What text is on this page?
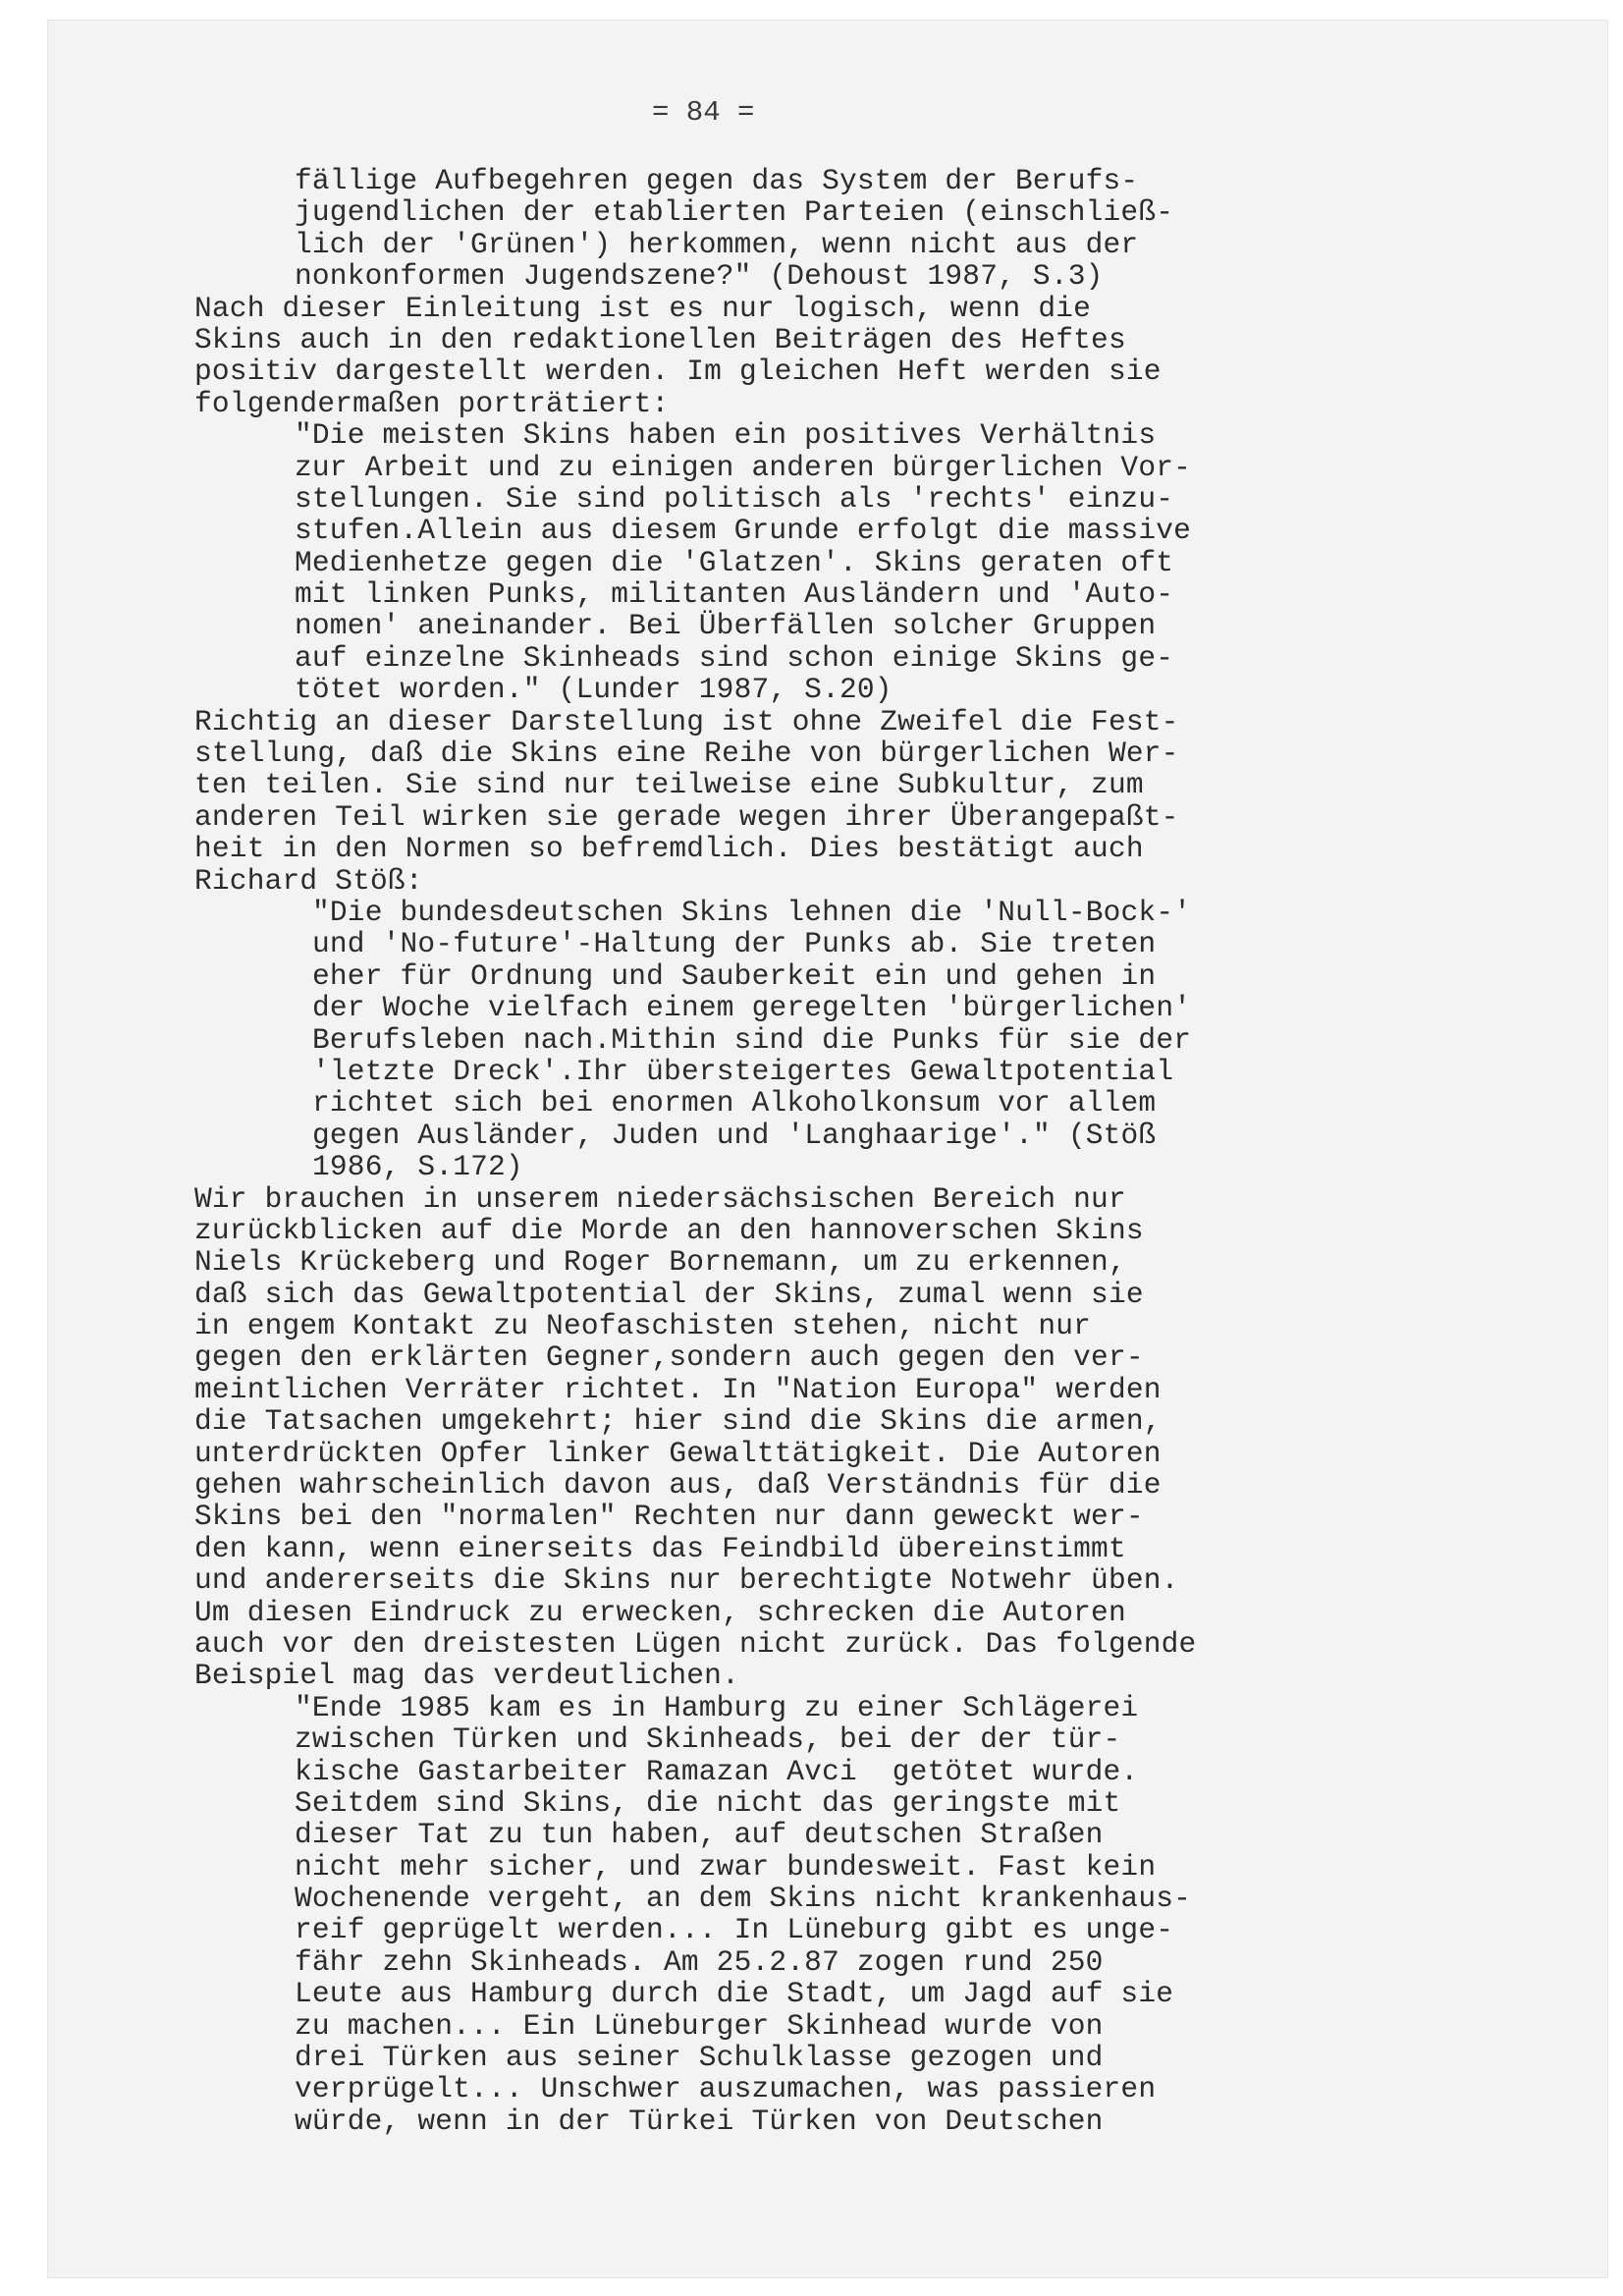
= 84 =
fällige Aufbegehren gegen das System der Berufs-
jugendlichen der etablierten Parteien (einschließ-
lich der 'Grünen') herkommen, wenn nicht aus der
nonkonformen Jugendszene?" (Dehoust 1987, S.3)
Nach dieser Einleitung ist es nur logisch, wenn die
Skins auch in den redaktionellen Beiträgen des Heftes
positiv dargestellt werden. Im gleichen Heft werden sie
folgendermaßen porträtiert:
"Die meisten Skins haben ein positives Verhältnis
zur Arbeit und zu einigen anderen bürgerlichen Vor-
stellungen. Sie sind politisch als 'rechts' einzu-
stufen.Allein aus diesem Grunde erfolgt die massive
Medienhetze gegen die 'Glatzen'. Skins geraten oft
mit linken Punks, militanten Ausländern und 'Auto-
nomen' aneinander. Bei Überfällen solcher Gruppen
auf einzelne Skinheads sind schon einige Skins ge-
tötet worden." (Lunder 1987, S.20)
Richtig an dieser Darstellung ist ohne Zweifel die Fest-
stellung, daß die Skins eine Reihe von bürgerlichen Wer-
ten teilen. Sie sind nur teilweise eine Subkultur, zum
anderen Teil wirken sie gerade wegen ihrer Überangepaßt-
heit in den Normen so befremdlich. Dies bestätigt auch
Richard Stöß:
"Die bundesdeutschen Skins lehnen die 'Null-Bock-'
und 'No-future'-Haltung der Punks ab. Sie treten
eher für Ordnung und Sauberkeit ein und gehen in
der Woche vielfach einem geregelten 'bürgerlichen'
Berufsleben nach.Mithin sind die Punks für sie der
'letzte Dreck'.Ihr übersteigertes Gewaltpotential
richtet sich bei enormen Alkoholkonsum vor allem
gegen Ausländer, Juden und 'Langhaarige'." (Stöß
1986, S.172)
Wir brauchen in unserem niedersächsischen Bereich nur
zurückblicken auf die Morde an den hannoverschen Skins
Niels Krückeberg und Roger Bornemann, um zu erkennen,
daß sich das Gewaltpotential der Skins, zumal wenn sie
in engem Kontakt zu Neofaschisten stehen, nicht nur
gegen den erklärten Gegner,sondern auch gegen den ver-
meintlichen Verräter richtet. In "Nation Europa" werden
die Tatsachen umgekehrt; hier sind die Skins die armen,
unterdrückten Opfer linker Gewalttätigkeit. Die Autoren
gehen wahrscheinlich davon aus, daß Verständnis für die
Skins bei den "normalen" Rechten nur dann geweckt wer-
den kann, wenn einerseits das Feindbild übereinstimmt
und andererseits die Skins nur berechtigte Notwehr üben.
Um diesen Eindruck zu erwecken, schrecken die Autoren
auch vor den dreistesten Lügen nicht zurück. Das folgende
Beispiel mag das verdeutlichen.
"Ende 1985 kam es in Hamburg zu einer Schlägerei
zwischen Türken und Skinheads, bei der der tür-
kische Gastarbeiter Ramazan Avci  getötet wurde.
Seitdem sind Skins, die nicht das geringste mit
dieser Tat zu tun haben, auf deutschen Straßen
nicht mehr sicher, und zwar bundesweit. Fast kein
Wochenende vergeht, an dem Skins nicht krankenhaus-
reif geprügelt werden... In Lüneburg gibt es unge-
fähr zehn Skinheads. Am 25.2.87 zogen rund 250
Leute aus Hamburg durch die Stadt, um Jagd auf sie
zu machen... Ein Lüneburger Skinhead wurde von
drei Türken aus seiner Schulklasse gezogen und
verprügelt... Unschwer auszumachen, was passieren
würde, wenn in der Türkei Türken von Deutschen
